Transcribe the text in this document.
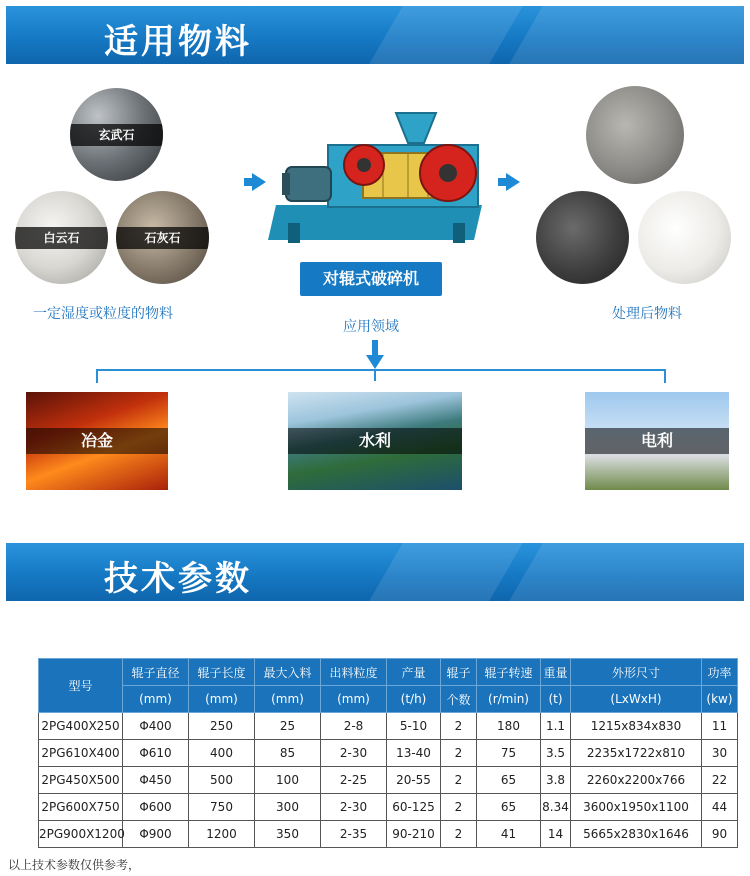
适用物料
玄武石
白云石	石灰石
一定湿度或粒度的物料
对辊式破碎机
应用领域
处理后物料
冶金	水利	电利
技术参数
型号	辊子直径	辊子长度	最大入料	出料粒度	产量	辊子	辊子转速	重量	外形尺寸	功率
	(mm)	(mm)	(mm)	(mm)	(t/h)	个数	(r/min)	(t)	(LxWxH)	(kw)
2PG400X250	Φ400	250	25	2-8	5-10	2	180	1.1	1215x834x830	11
2PG610X400	Φ610	400	85	2-30	13-40	2	75	3.5	2235x1722x810	30
2PG450X500	Φ450	500	100	2-25	20-55	2	65	3.8	2260x2200x766	22
2PG600X750	Φ600	750	300	2-30	60-125	2	65	8.34	3600x1950x1100	44
2PG900X1200	Φ900	1200	350	2-35	90-210	2	41	14	5665x2830x1646	90
以上技术参数仅供参考，
